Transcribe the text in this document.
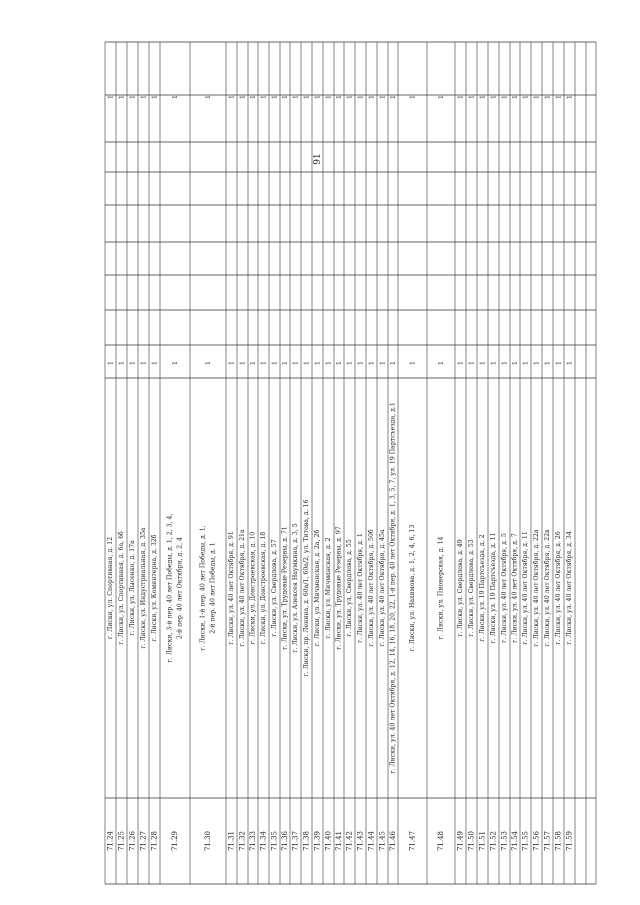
91
71.24
г. Лиски, ул. Спортивная, д. 12
1
1
71.25
г. Лиски, ул. Спортивная, д. 6а, 6б
1
1
71.26
г. Лиски, ул. Лысенко, д. 17а
1
1
71.27
г. Лиски, ул. Индустриальная, д. 35а
1
1
71.28
г. Лиски, ул. Коминтерна, д. 32б
1
1
71.29
г. Лиски, 3-й пер. 40 лет Победы, д. 1, 2, 3, 4, 2-й пер. 40 лет Октября, д. 2, 4
1
1
71.30
г. Лиски, 1-й пер. 40 лет Победы, д. 1, 2-й пер. 40 лет Победы, д. 1
1
1
71.31
г. Лиски, ул. 40 лет Октября, д. 91
1
1
71.32
г. Лиски, ул. 40 лет Октября, д. 21а
1
1
71.33
г. Лиски, ул. Донстроевская, д. 10
1
1
71.34
г. Лиски, ул. Донстроевская, д. 18
1
1
71.35
г. Лиски, ул. Свердлова, д. 57
1
1
71.36
г. Лиски, ул. Трудовые Резервы, д. 71
1
1
71.37
г. Лиски, ул. Алексея Наумкина, д. 3, 5
1
1
71.38
г. Лиски, пр. Ленина, д. 60а/1, 60а/2, ул. Титова, д. 16
1
1
71.39
г. Лиски, ул. Мичманская, д. 2а, 2б
1
1
71.40
г. Лиски, ул. Мичманская, д. 2
1
1
71.41
г. Лиски, ул. Трудовые Резервы, д. 97
1
1
71.42
г. Лиски, ул. Свердлова, д. 55
1
1
71.43
г. Лиски, ул. 40 лет Октября, д. 1
1
1
71.44
г. Лиски, ул. 40 лет Октября, д. 50б
1
1
71.45
г. Лиски, ул. 40 лет Октября, д. 45а
1
1
71.46
г. Лиски, ул. 40 лет Октября, д. 12, 14, 16, 18, 20, 22, 1-й пер. 40 лет Октября, д. 1, 3, 5, 7, ул. 19 Партсъезда, д.1
1
1
71.47
г. Лиски, ул. Нахимова, д. 1, 2, 4, 6, 13
1
1
71.48
г. Лиски, ул. Пионерская, д. 14
1
1
71.49
г. Лиски, ул. Свердлова, д. 49
1
1
71.50
г. Лиски, ул. Свердлова, д. 53
1
1
71.51
г. Лиски, ул. 19 Партсъезда, д. 2
1
1
71.52
г. Лиски, ул. 19 Партсъезда, д. 11
1
1
71.53
г. Лиски, ул. 40 лет Октября, д. 5
1
1
71.54
г. Лиски, ул. 40 лет Октября, д. 7
1
1
71.55
г. Лиски, ул. 40 лет Октября, д. 11
1
1
71.56
г. Лиски, ул. 40 лет Октября, д. 22а
1
1
71.57
г. Лиски, ул. 40 лет Октября, д. 22в
1
1
71.58
г. Лиски, ул. 40 лет Октября, д. 26
1
1
71.59
г. Лиски, ул. 40 лет Октября, д. 34
1
1
